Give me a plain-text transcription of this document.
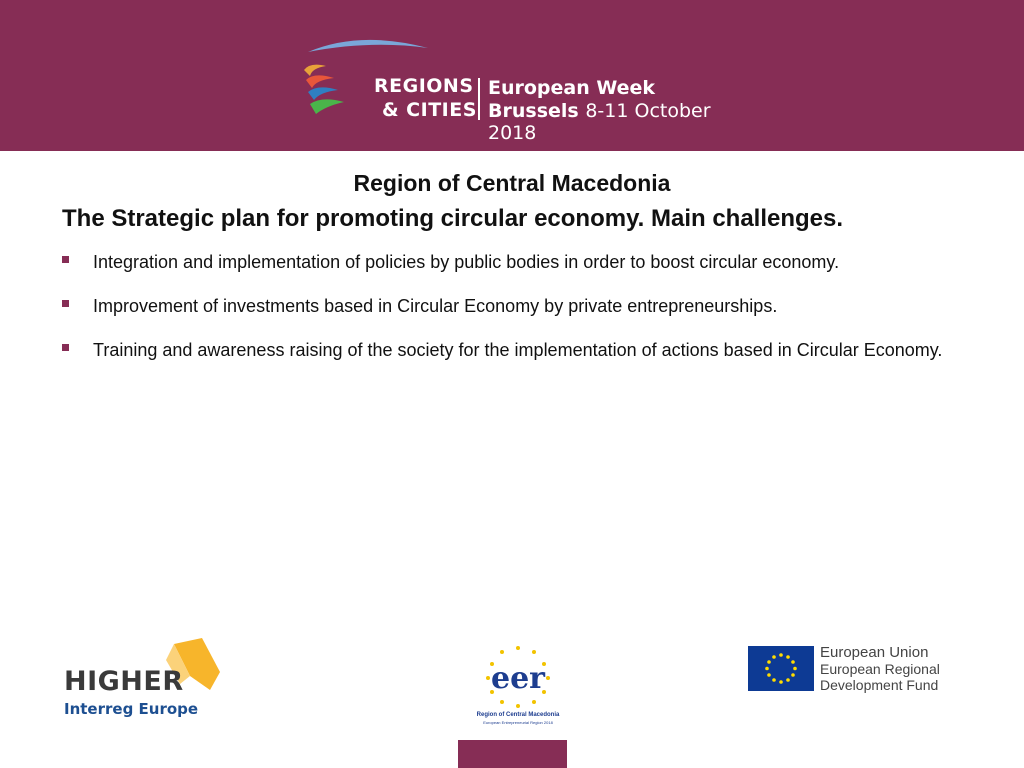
REGIONS
& CITIES
European Week
Brussels 8-11 October 2018
Region of Central Macedonia
The Strategic plan for promoting circular economy. Main challenges.
Integration and implementation of policies by public bodies in order to boost circular economy.
Improvement of investments based in Circular Economy by private entrepreneurships.
Training and awareness raising of the society for the implementation of actions based in Circular Economy.
HIGHER
Interreg Europe
eer
Region of Central Macedonia
European Entrepreneurial Region 2018
European Union
European Regional
Development Fund
